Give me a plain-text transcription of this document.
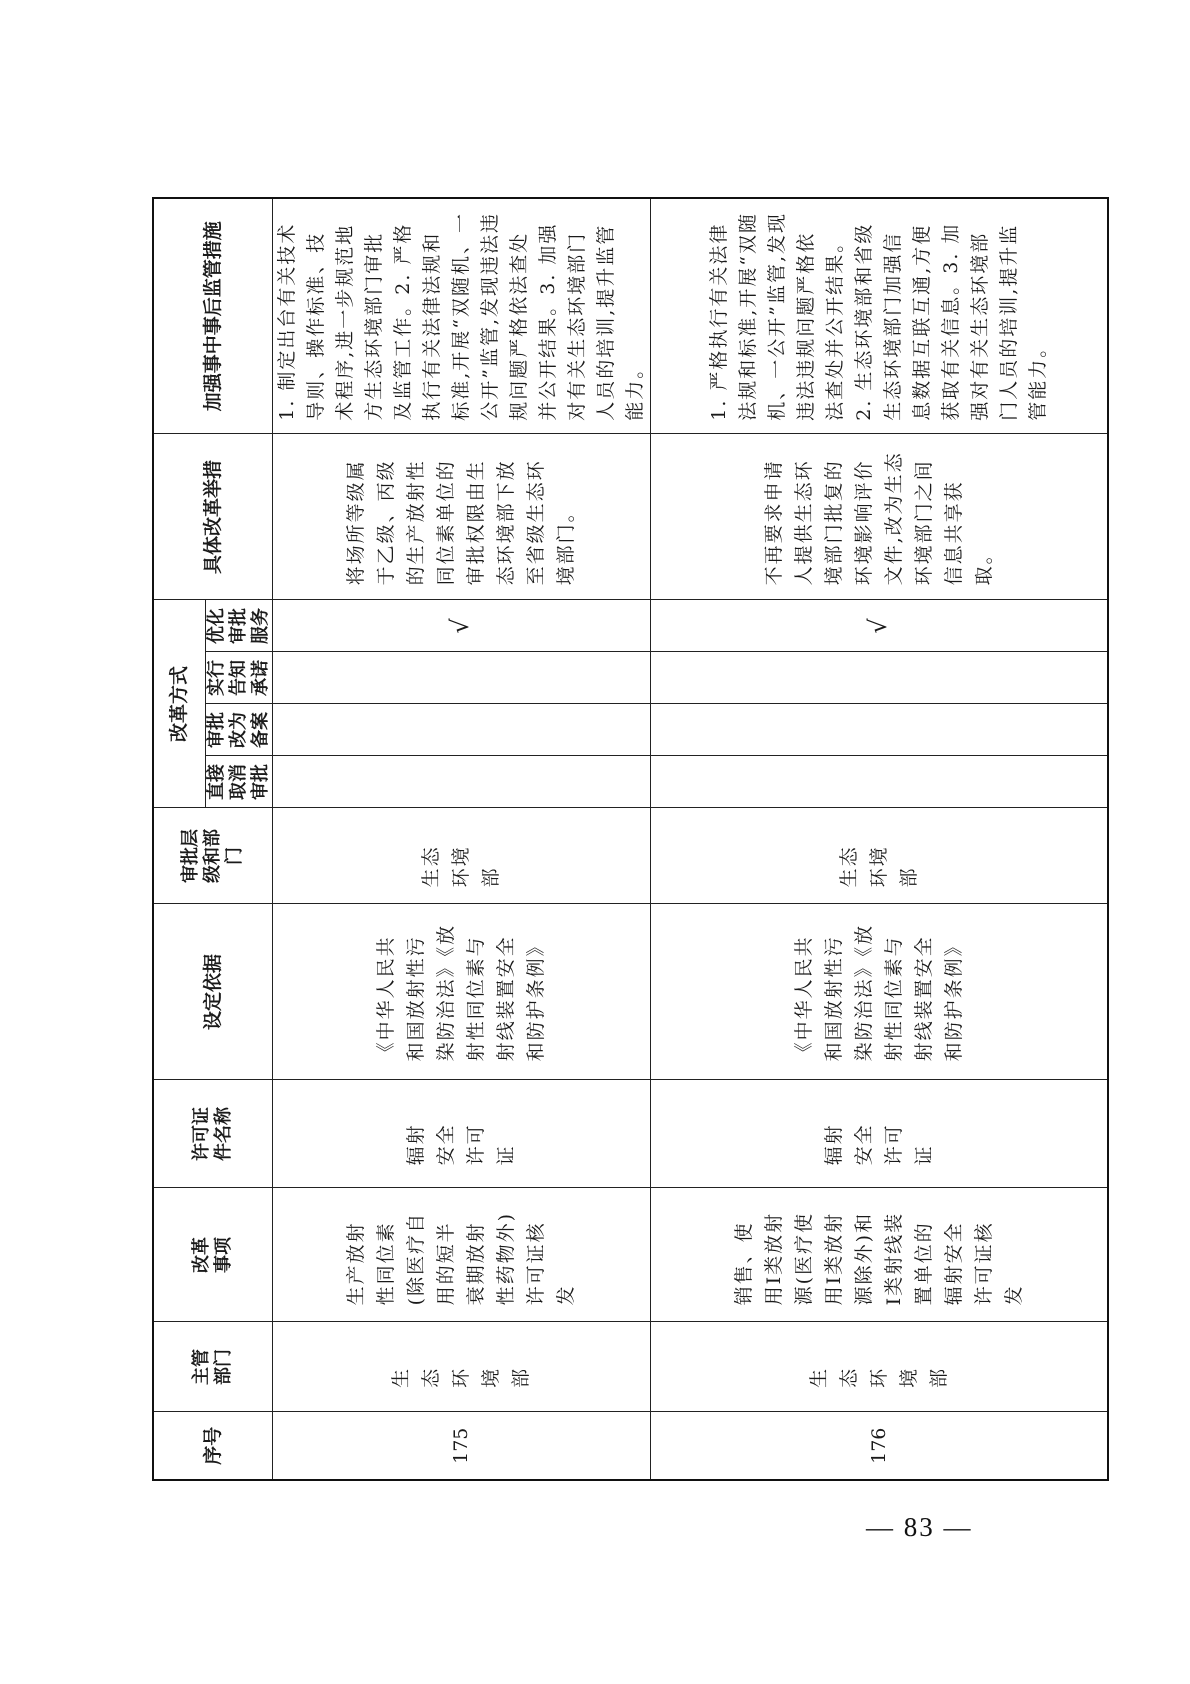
序号	主管部门	改革事项	许可证件名称	设定依据	审批层级和部门	改革方式				具体改革举措	加强事中事后监管措施
						直接取消审批	审批改为备案	实行告知承诺	优化审批服务		
175	生态环境部	生产放射性同位素(除医疗自用的短半衰期放射性药物外)许可证核发	辐射安全许可证	《中华人民共和国放射性污染防治法》《放射性同位素与射线装置安全和防护条例》	生态环境部				√	将场所等级属于乙级、丙级的生产放射性同位素单位的审批权限由生态环境部下放至省级生态环境部门。	1. 制定出台有关技术导则、操作标准、技术程序,进一步规范地方生态环境部门审批及监管工作。2. 严格执行有关法律法规和标准,开展“双随机、一公开”监管,发现违法违规问题严格依法查处并公开结果。3. 加强对有关生态环境部门人员的培训,提升监管能力。
176	生态环境部	销售、使用Ⅰ类放射源(医疗使用Ⅰ类放射源除外)和Ⅰ类射线装置单位的辐射安全许可证核发	辐射安全许可证	《中华人民共和国放射性污染防治法》《放射性同位素与射线装置安全和防护条例》	生态环境部				√	不再要求申请人提供生态环境部门批复的环境影响评价文件,改为生态环境部门之间信息共享获取。	1. 严格执行有关法律法规和标准,开展“双随机、一公开”监管,发现违法违规问题严格依法查处并公开结果。2. 生态环境部和省级生态环境部门加强信息数据互联互通,方便获取有关信息。3. 加强对有关生态环境部门人员的培训,提升监管能力。
— 83 —
